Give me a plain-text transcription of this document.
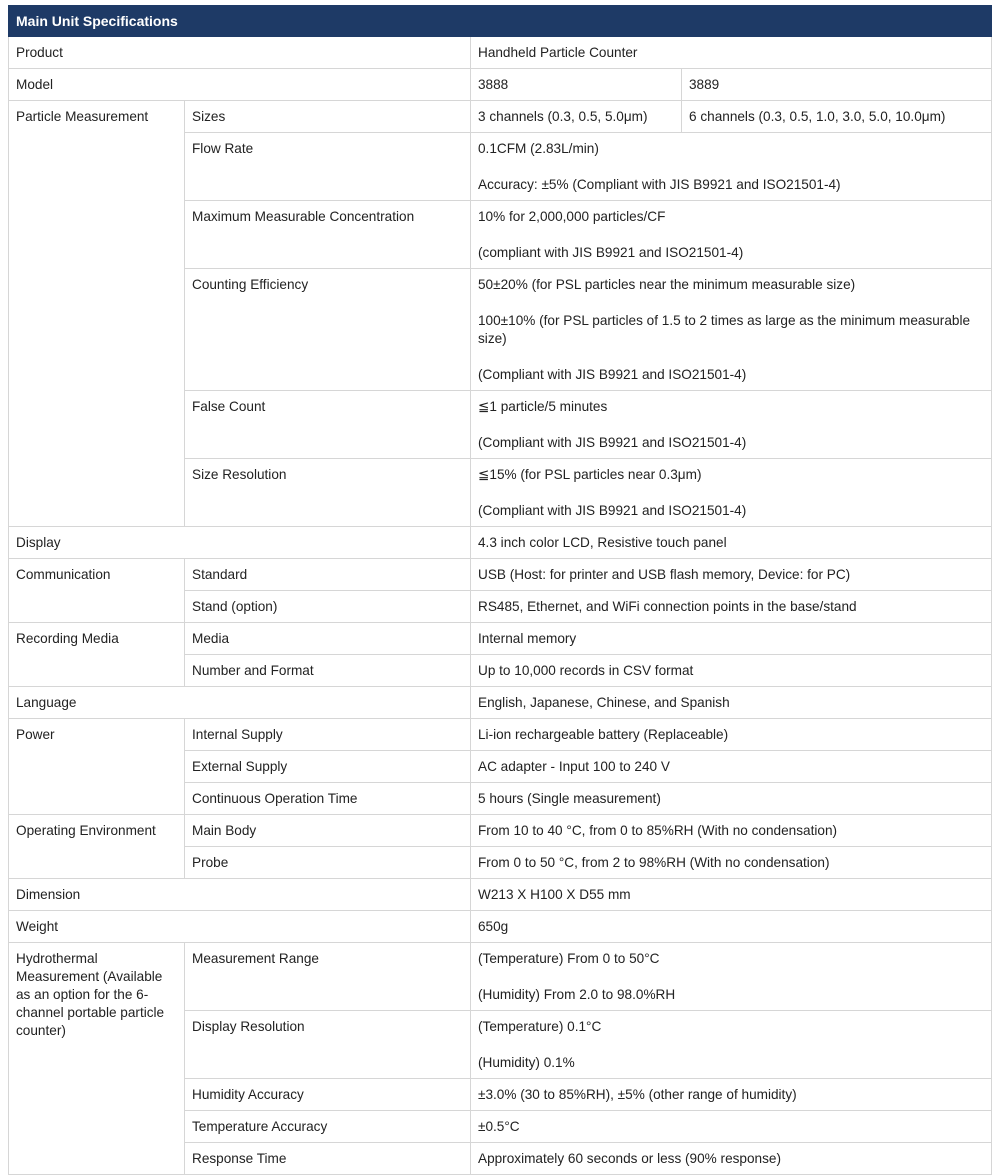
Main Unit Specifications			
Product		Handheld Particle Counter	
Model		3888	3889
Particle Measurement	Sizes	3 channels (0.3, 0.5, 5.0μm)	6 channels (0.3, 0.5, 1.0, 3.0, 5.0, 10.0μm)
	Flow Rate	0.1CFM (2.83L/min)

Accuracy: ±5% (Compliant with JIS B9921 and ISO21501-4)	

	Maximum Measurable Concentration	10% for 2,000,000 particles/CF

(compliant with JIS B9921 and ISO21501-4)	

	Counting Efficiency	50±20% (for PSL particles near the minimum measurable size)

100±10% (for PSL particles of 1.5 to 2 times as large as the minimum measurable size)

(Compliant with JIS B9921 and ISO21501-4)	

	False Count	≦1 particle/5 minutes

(Compliant with JIS B9921 and ISO21501-4)	

	Size Resolution	≦15% (for PSL particles near 0.3μm)

(Compliant with JIS B9921 and ISO21501-4)	

Display		4.3 inch color LCD, Resistive touch panel	
Communication	Standard	USB (Host: for printer and USB flash memory, Device: for PC)	
	Stand (option)	RS485, Ethernet, and WiFi connection points in the base/stand	
Recording Media	Media	Internal memory	
	Number and Format	Up to 10,000 records in CSV format	
Language		English, Japanese, Chinese, and Spanish	
Power	Internal Supply	Li-ion rechargeable battery (Replaceable)	
	External Supply	AC adapter - Input 100 to 240 V	
	Continuous Operation Time	5 hours (Single measurement)	
Operating Environment	Main Body	From 10 to 40 °C, from 0 to 85%RH (With no condensation)	
	Probe	From 0 to 50 °C, from 2 to 98%RH (With no condensation)	
Dimension		W213 X H100 X D55 mm	
Weight		650g	
Hydrothermal Measurement (Available as an option for the 6-channel portable particle counter)	Measurement Range	(Temperature) From 0 to 50°C

(Humidity) From 2.0 to 98.0%RH	

	Display Resolution	(Temperature) 0.1°C

(Humidity) 0.1%	

	Humidity Accuracy	±3.0% (30 to 85%RH), ±5% (other range of humidity)	
	Temperature Accuracy	±0.5°C	
	Response Time	Approximately 60 seconds or less (90% response)	
